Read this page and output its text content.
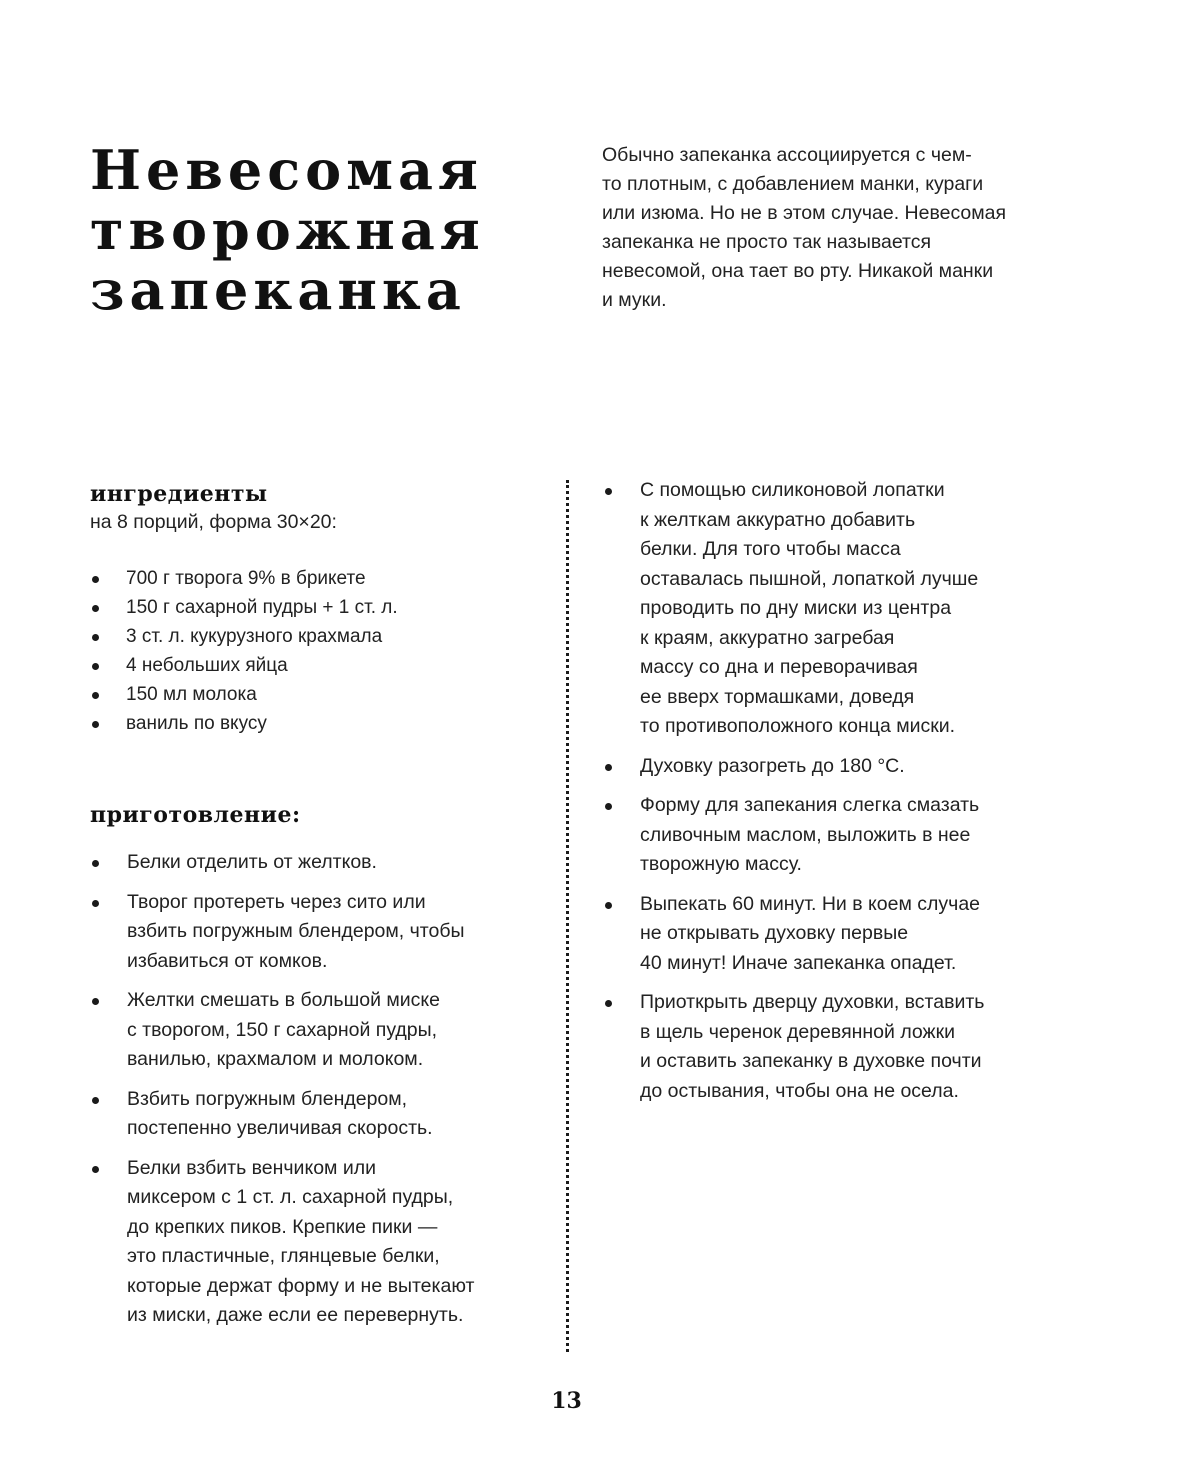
Невесомая
творожная
запеканка
Обычно запеканка ассоциируется с чем-
то плотным, с добавлением манки, кураги
или изюма. Но не в этом случае. Невесомая
запеканка не просто так называется
невесомой, она тает во рту. Никакой манки
и муки.
ингредиенты
на 8 порций, форма 30×20:
700 г творога 9% в брикете
150 г сахарной пудры + 1 ст. л.
3 ст. л. кукурузного крахмала
4 небольших яйца
150 мл молока
ваниль по вкусу
приготовление:
Белки отделить от желтков.
Творог протереть через сито или
взбить погружным блендером, чтобы
избавиться от комков.
Желтки смешать в большой миске
с творогом, 150 г сахарной пудры,
ванилью, крахмалом и молоком.
Взбить погружным блендером,
постепенно увеличивая скорость.
Белки взбить венчиком или
миксером с 1 ст. л. сахарной пудры,
до крепких пиков. Крепкие пики —
это пластичные, глянцевые белки,
которые держат форму и не вытекают
из миски, даже если ее перевернуть.
С помощью силиконовой лопатки
к желткам аккуратно добавить
белки. Для того чтобы масса
оставалась пышной, лопаткой лучше
проводить по дну миски из центра
к краям, аккуратно загребая
массу со дна и переворачивая
ее вверх тормашками, доведя
то противоположного конца миски.
Духовку разогреть до 180 °С.
Форму для запекания слегка смазать
сливочным маслом, выложить в нее
творожную массу.
Выпекать 60 минут. Ни в коем случае
не открывать духовку первые
40 минут! Иначе запеканка опадет.
Приоткрыть дверцу духовки, вставить
в щель черенок деревянной ложки
и оставить запеканку в духовке почти
до остывания, чтобы она не осела.
13
